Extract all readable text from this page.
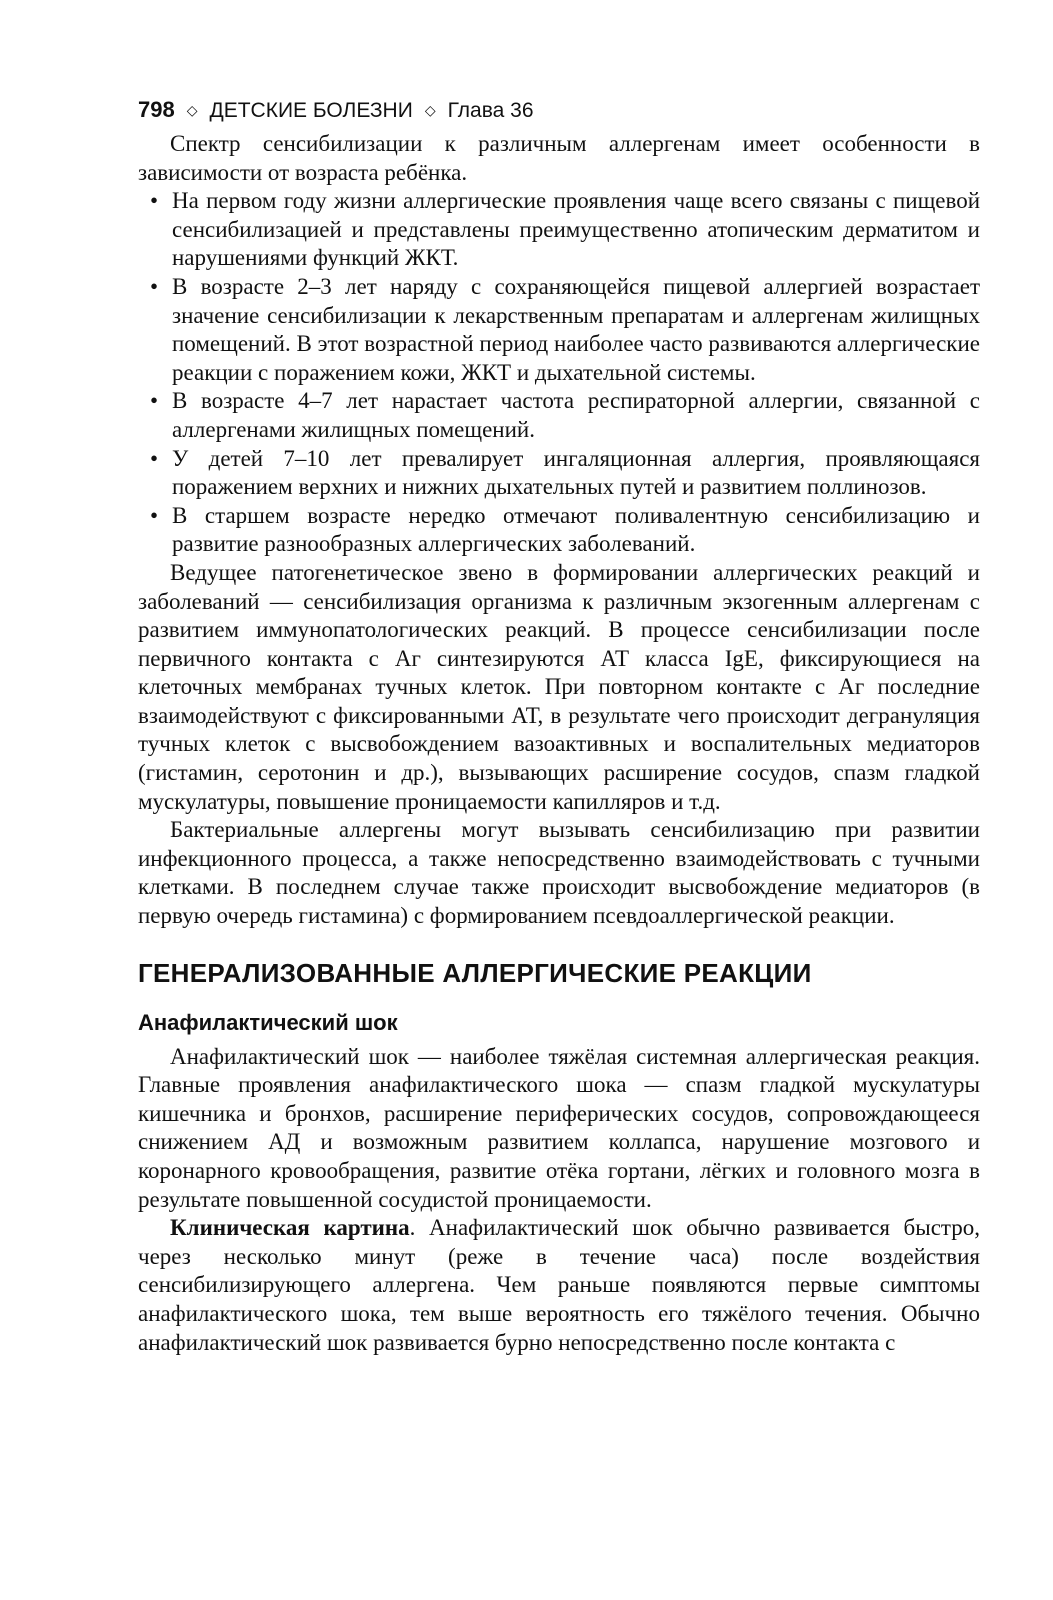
798 ◇ ДЕТСКИЕ БОЛЕЗНИ ◇ Глава 36

Спектр сенсибилизации к различным аллергенам имеет особенности в зависимости от возраста ребёнка.

• На первом году жизни аллергические проявления чаще всего связаны с пищевой сенсибилизацией и представлены преимущественно атопическим дерматитом и нарушениями функций ЖКТ.
• В возрасте 2–3 лет наряду с сохраняющейся пищевой аллергией возрастает значение сенсибилизации к лекарственным препаратам и аллергенам жилищных помещений. В этот возрастной период наиболее часто развиваются аллергические реакции с поражением кожи, ЖКТ и дыхательной системы.
• В возрасте 4–7 лет нарастает частота респираторной аллергии, связанной с аллергенами жилищных помещений.
• У детей 7–10 лет превалирует ингаляционная аллергия, проявляющаяся поражением верхних и нижних дыхательных путей и развитием поллинозов.
• В старшем возрасте нередко отмечают поливалентную сенсибилизацию и развитие разнообразных аллергических заболеваний.

Ведущее патогенетическое звено в формировании аллергических реакций и заболеваний — сенсибилизация организма к различным экзогенным аллергенам с развитием иммунопатологических реакций. В процессе сенсибилизации после первичного контакта с Аг синтезируются АТ класса IgE, фиксирующиеся на клеточных мембранах тучных клеток. При повторном контакте с Аг последние взаимодействуют с фиксированными АТ, в результате чего происходит дегрануляция тучных клеток с высвобождением вазоактивных и воспалительных медиаторов (гистамин, серотонин и др.), вызывающих расширение сосудов, спазм гладкой мускулатуры, повышение проницаемости капилляров и т.д.

Бактериальные аллергены могут вызывать сенсибилизацию при развитии инфекционного процесса, а также непосредственно взаимодействовать с тучными клетками. В последнем случае также происходит высвобождение медиаторов (в первую очередь гистамина) с формированием псевдоаллергической реакции.

ГЕНЕРАЛИЗОВАННЫЕ АЛЛЕРГИЧЕСКИЕ РЕАКЦИИ
Анафилактический шок

Анафилактический шок — наиболее тяжёлая системная аллергическая реакция. Главные проявления анафилактического шока — спазм гладкой мускулатуры кишечника и бронхов, расширение периферических сосудов, сопровождающееся снижением АД и возможным развитием коллапса, нарушение мозгового и коронарного кровообращения, развитие отёка гортани, лёгких и головного мозга в результате повышенной сосудистой проницаемости.

Клиническая картина. Анафилактический шок обычно развивается быстро, через несколько минут (реже в течение часа) после воздействия сенсибилизирующего аллергена. Чем раньше появляются первые симптомы анафилактического шока, тем выше вероятность его тяжёлого течения. Обычно анафилактический шок развивается бурно непосредственно после контакта с
